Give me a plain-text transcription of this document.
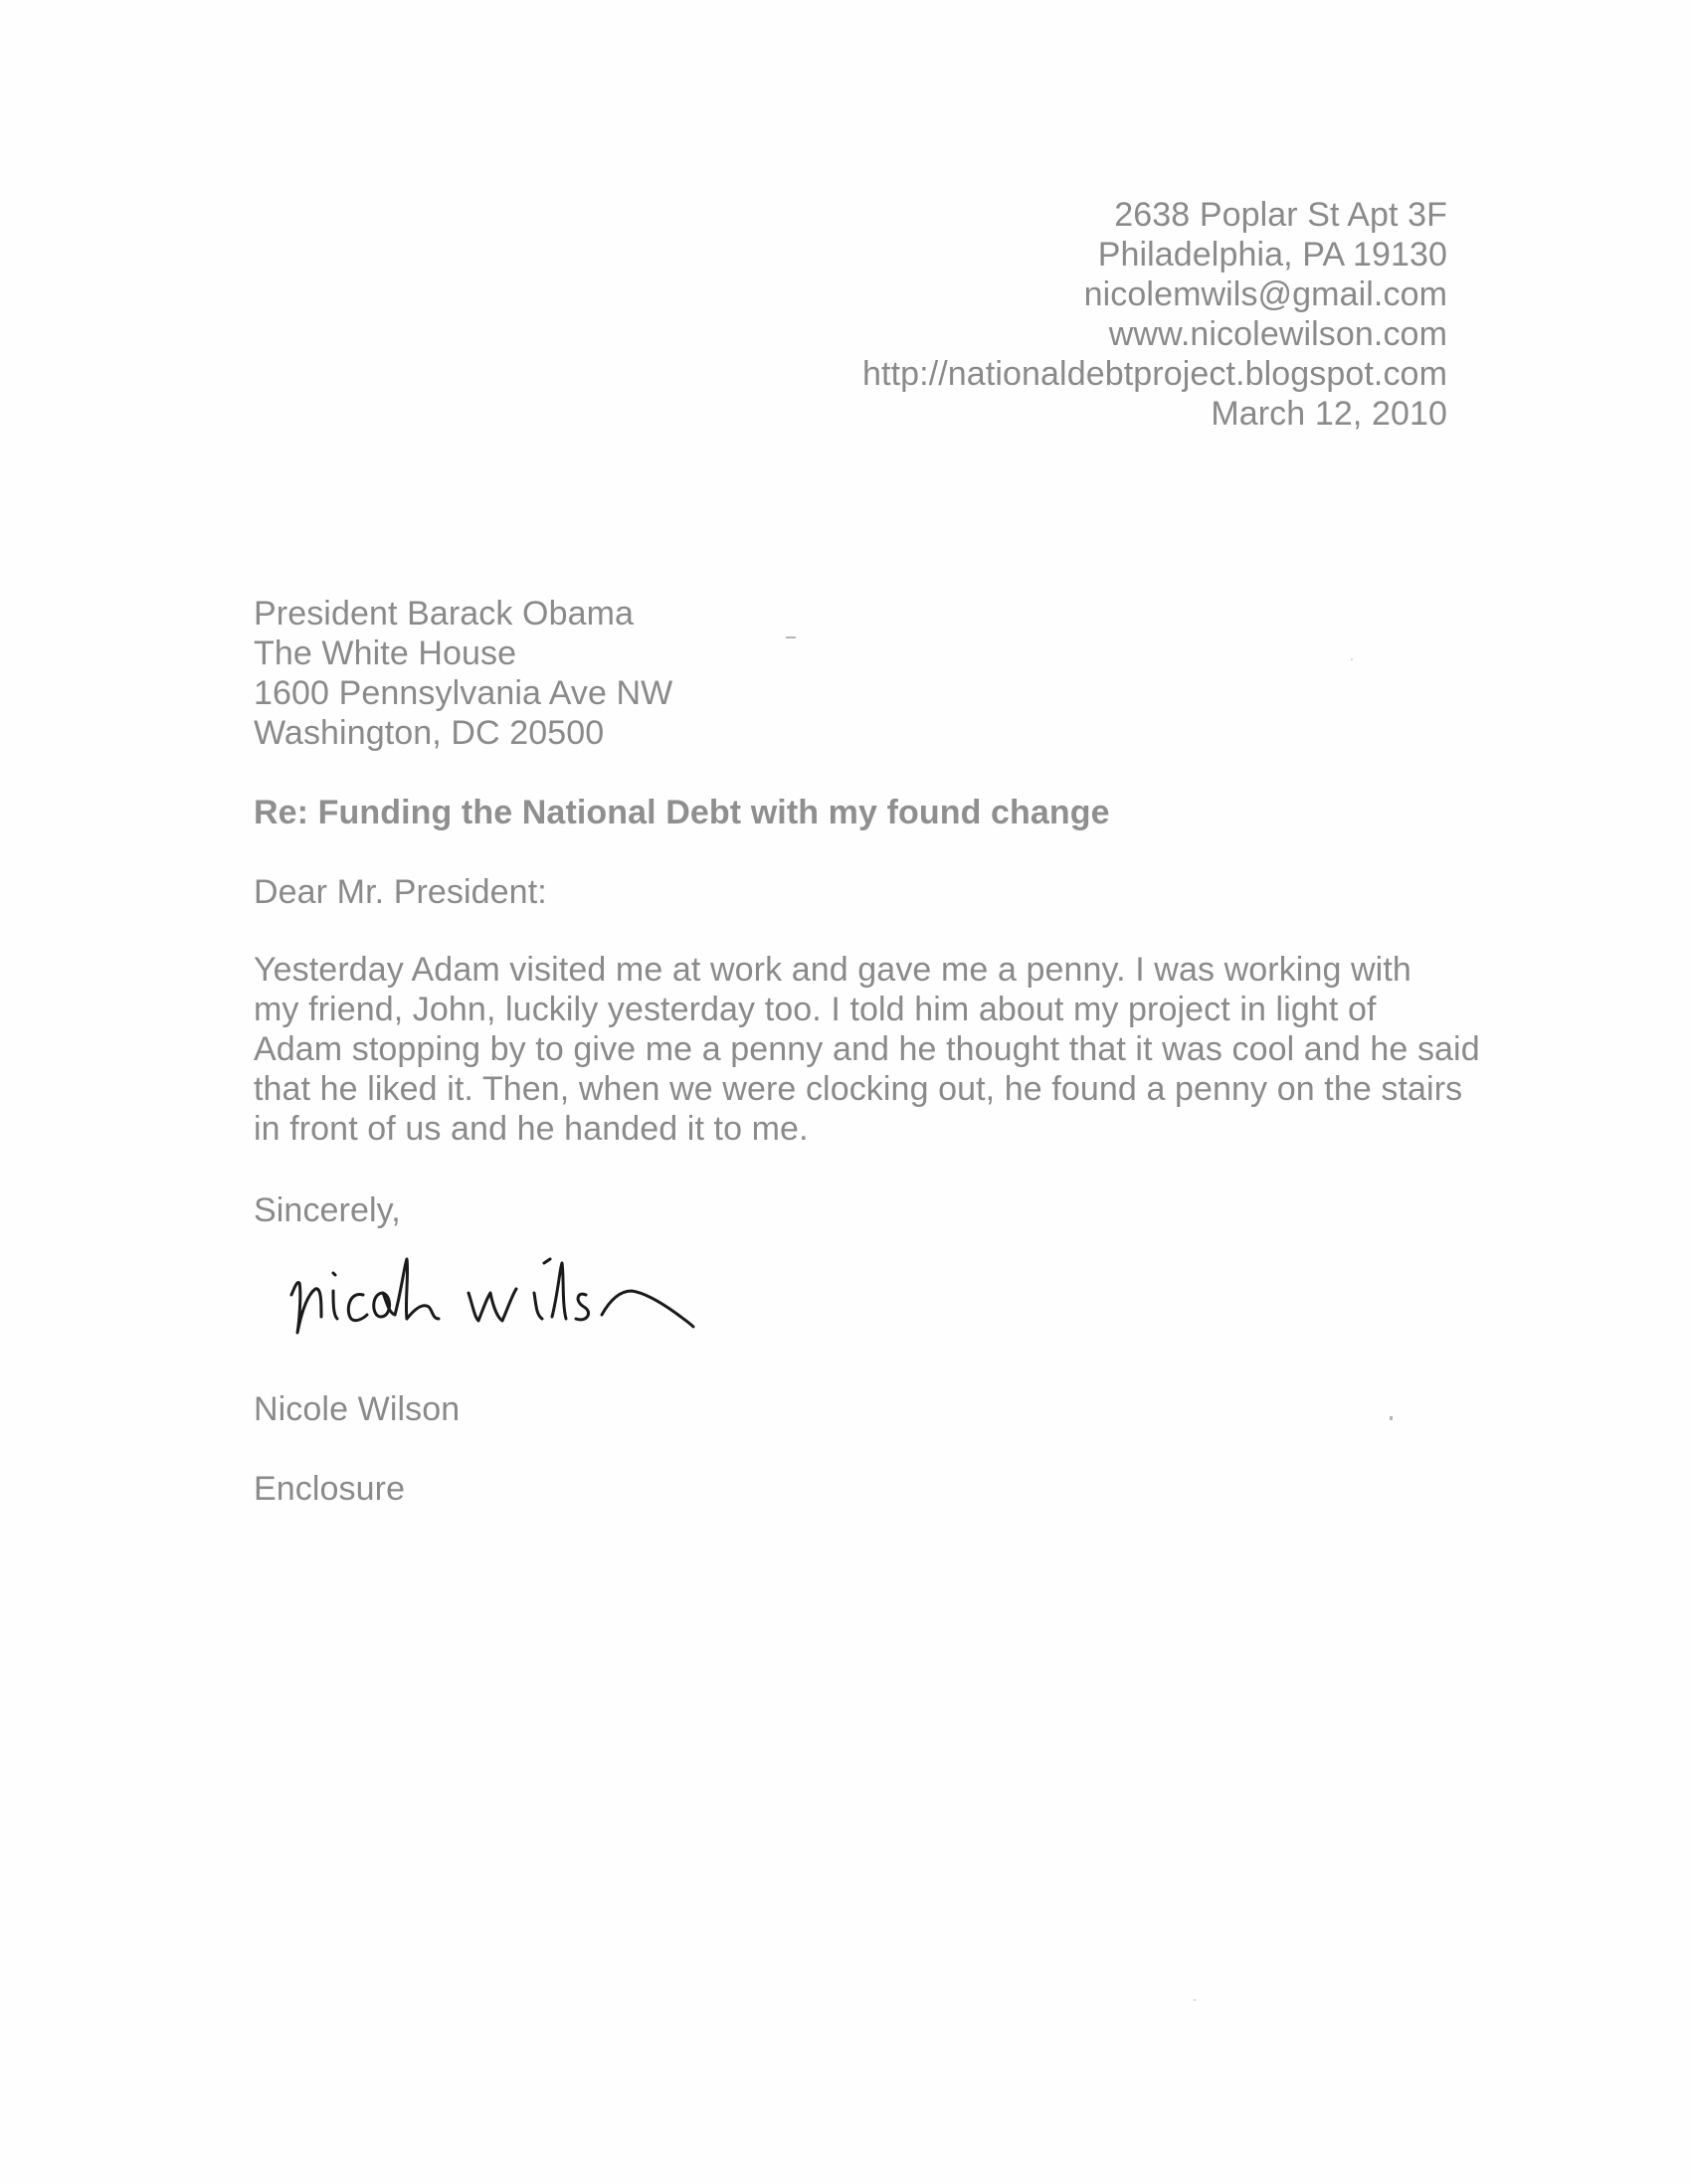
2638 Poplar St Apt 3F
Philadelphia, PA 19130
nicolemwils@gmail.com
www.nicolewilson.com
http://nationaldebtproject.blogspot.com
March 12, 2010
President Barack Obama
The White House
1600 Pennsylvania Ave NW
Washington, DC 20500
Re: Funding the National Debt with my found change
Dear Mr. President:
Yesterday Adam visited me at work and gave me a penny. I was working with
my friend, John, luckily yesterday too. I told him about my project in light of
Adam stopping by to give me a penny and he thought that it was cool and he said
that he liked it. Then, when we were clocking out, he found a penny on the stairs
in front of us and he handed it to me.
Sincerely,
Nicole Wilson
Enclosure
